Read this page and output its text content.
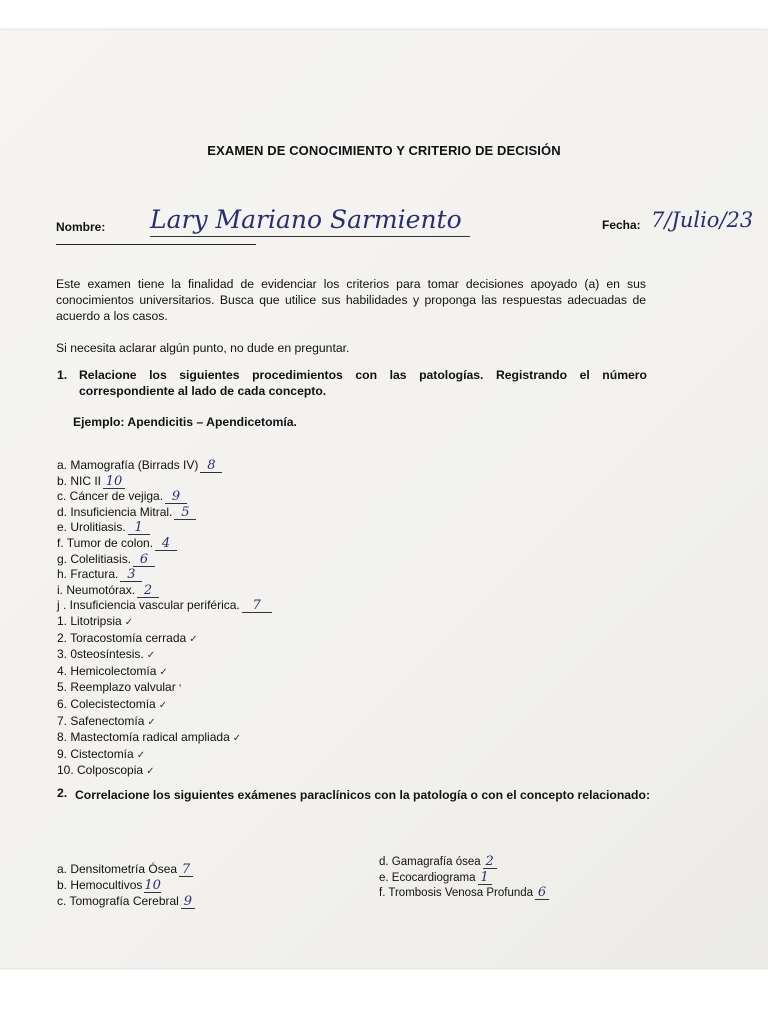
EXAMEN DE CONOCIMIENTO Y CRITERIO DE DECISIÓN
Nombre: Lary Mariano Sarmiento	Fecha: 7/Julio/23
Este examen tiene la finalidad de evidenciar los criterios para tomar decisiones apoyado (a) en sus conocimientos universitarios. Busca que utilice sus habilidades y proponga las respuestas adecuadas de acuerdo a los casos.
Si necesita aclarar algún punto, no dude en preguntar.
1. Relacione los siguientes procedimientos con las patologías. Registrando el número correspondiente al lado de cada concepto.
Ejemplo: Apendicitis – Apendicetomía.
a. Mamografía (Birrads IV) 8
b. NIC II 10
c. Cáncer de vejiga. 9
d. Insuficiencia Mitral. 5
e. Urolitiasis. 1
f. Tumor de colon. 4
g. Colelitiasis. 6
h. Fractura. 3
i. Neumotórax. 2
j . Insuficiencia vascular periférica. 7
1. Litotripsia ✓
2. Toracostomía cerrada ✓
3. 0steosíntesis. ✓
4. Hemicolectomía ✓
5. Reemplazo valvular '
6. Colecistectomía ✓
7. Safenectomía ✓
8. Mastectomía radical ampliada ✓
9. Cistectomía ✓
10. Colposcopia ✓
2. Correlacione los siguientes exámenes paraclínicos con la patología o con el concepto relacionado:
a. Densitometría Ósea 7
b. Hemocultivos 10
c. Tomografía Cerebral 9
d. Gamagrafía ósea 2
e. Ecocardiograma 1
f. Trombosis Venosa Profunda 6
